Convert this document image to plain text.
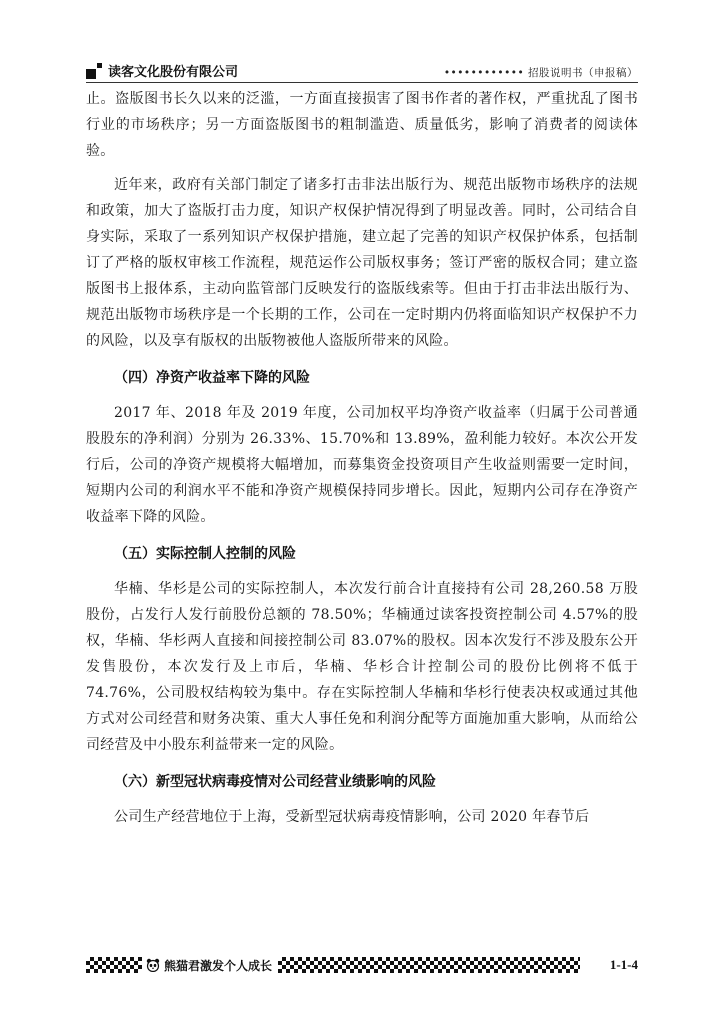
读客文化股份有限公司	•••••••••••• 招股说明书（申报稿）

止。盗版图书长久以来的泛滥，一方面直接损害了图书作者的著作权，严重扰乱了图书行业的市场秩序；另一方面盗版图书的粗制滥造、质量低劣，影响了消费者的阅读体验。

近年来，政府有关部门制定了诸多打击非法出版行为、规范出版物市场秩序的法规和政策，加大了盗版打击力度，知识产权保护情况得到了明显改善。同时，公司结合自身实际，采取了一系列知识产权保护措施，建立起了完善的知识产权保护体系，包括制订了严格的版权审核工作流程，规范运作公司版权事务；签订严密的版权合同；建立盗版图书上报体系，主动向监管部门反映发行的盗版线索等。但由于打击非法出版行为、规范出版物市场秩序是一个长期的工作，公司在一定时期内仍将面临知识产权保护不力的风险，以及享有版权的出版物被他人盗版所带来的风险。

（四）净资产收益率下降的风险

2017 年、2018 年及 2019 年度，公司加权平均净资产收益率（归属于公司普通股股东的净利润）分别为 26.33%、15.70%和 13.89%，盈利能力较好。本次公开发行后，公司的净资产规模将大幅增加，而募集资金投资项目产生收益则需要一定时间，短期内公司的利润水平不能和净资产规模保持同步增长。因此，短期内公司存在净资产收益率下降的风险。

（五）实际控制人控制的风险

华楠、华杉是公司的实际控制人，本次发行前合计直接持有公司 28,260.58 万股股份，占发行人发行前股份总额的 78.50%；华楠通过读客投资控制公司 4.57%的股权，华楠、华杉两人直接和间接控制公司 83.07%的股权。因本次发行不涉及股东公开发售股份，本次发行及上市后，华楠、华杉合计控制公司的股份比例将不低于 74.76%，公司股权结构较为集中。存在实际控制人华楠和华杉行使表决权或通过其他方式对公司经营和财务决策、重大人事任免和利润分配等方面施加重大影响，从而给公司经营及中小股东利益带来一定的风险。

（六）新型冠状病毒疫情对公司经营业绩影响的风险

公司生产经营地位于上海，受新型冠状病毒疫情影响，公司 2020 年春节后

熊猫君激发个人成长	1-1-4
